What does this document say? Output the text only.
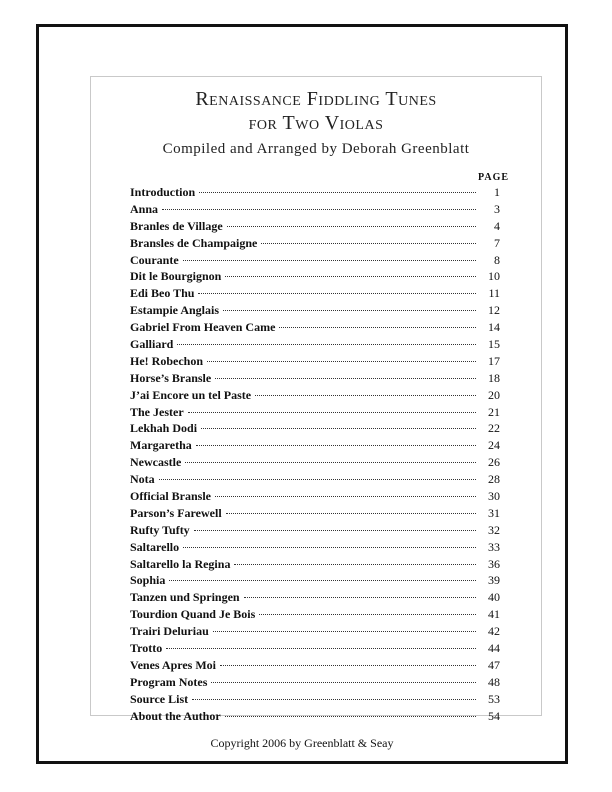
Renaissance Fiddling Tunes
for Two Violas
Compiled and Arranged by Deborah Greenblatt
PAGE
Introduction	1
Anna	3
Branles de Village	4
Bransles de Champaigne	7
Courante	8
Dit le Bourgignon	10
Edi Beo Thu	11
Estampie Anglais	12
Gabriel From Heaven Came	14
Galliard	15
He! Robechon	17
Horse’s Bransle	18
J’ai Encore un tel Paste	20
The Jester	21
Lekhah Dodi	22
Margaretha	24
Newcastle	26
Nota	28
Official Bransle	30
Parson’s Farewell	31
Rufty Tufty	32
Saltarello	33
Saltarello la Regina	36
Sophia	39
Tanzen und Springen	40
Tourdion Quand Je Bois	41
Trairi Deluriau	42
Trotto	44
Venes Apres Moi	47
Program Notes	48
Source List	53
About the Author	54
Copyright 2006 by Greenblatt & Seay
